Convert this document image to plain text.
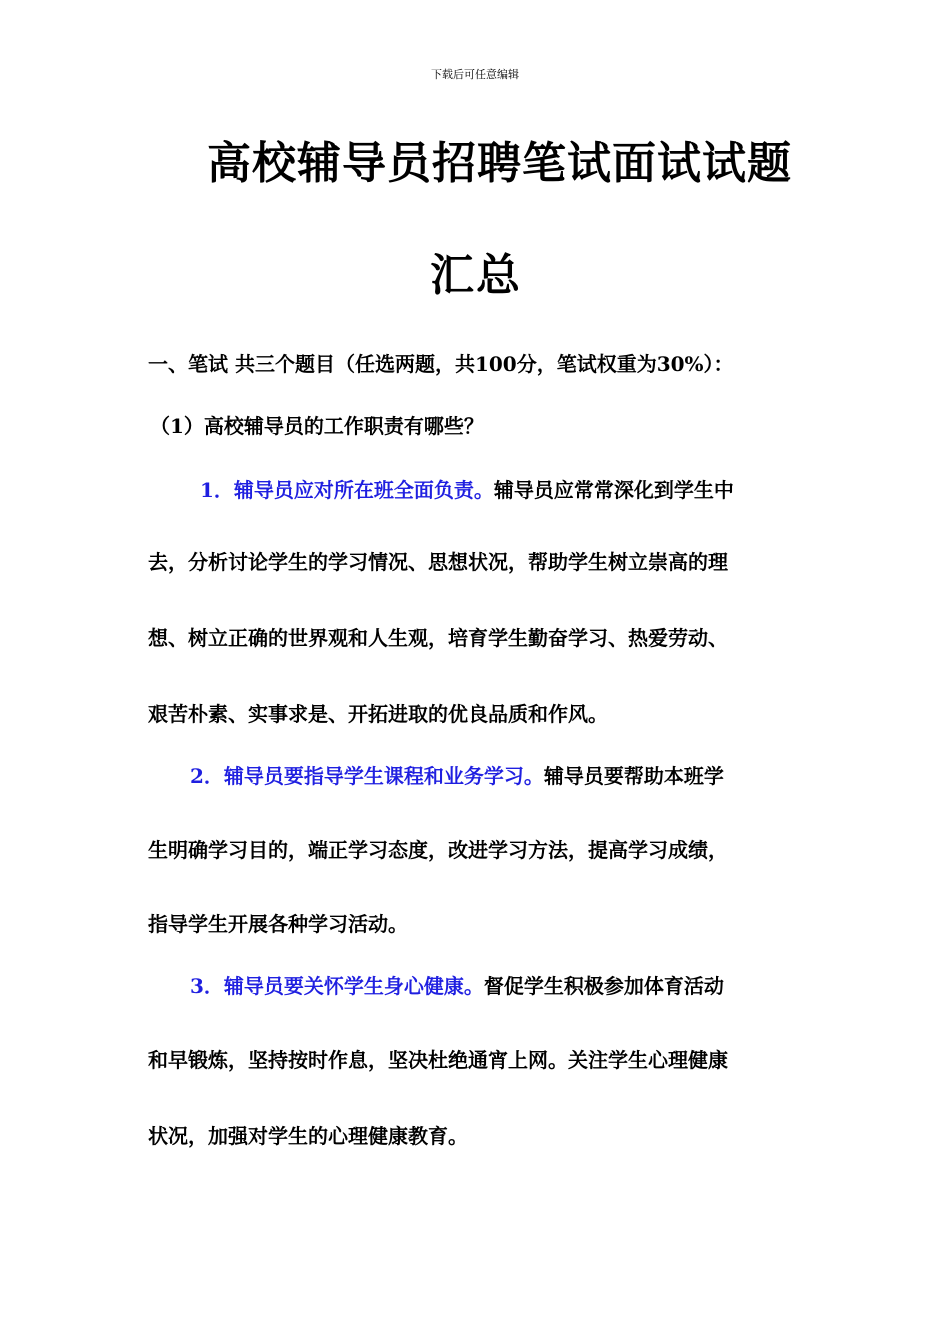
下载后可任意编辑
高校辅导员招聘笔试面试试题
汇总
一、笔试 共三个题目（任选两题，共100分，笔试权重为30%）：
（1）高校辅导员的工作职责有哪些？
1．辅导员应对所在班全面负责。辅导员应常常深化到学生中
去，分析讨论学生的学习情况、思想状况，帮助学生树立崇高的理
想、树立正确的世界观和人生观，培育学生勤奋学习、热爱劳动、
艰苦朴素、实事求是、开拓进取的优良品质和作风。
2．辅导员要指导学生课程和业务学习。辅导员要帮助本班学
生明确学习目的，端正学习态度，改进学习方法，提高学习成绩，
指导学生开展各种学习活动。
3．辅导员要关怀学生身心健康。督促学生积极参加体育活动
和早锻炼，坚持按时作息，坚决杜绝通宵上网。关注学生心理健康
状况，加强对学生的心理健康教育。
